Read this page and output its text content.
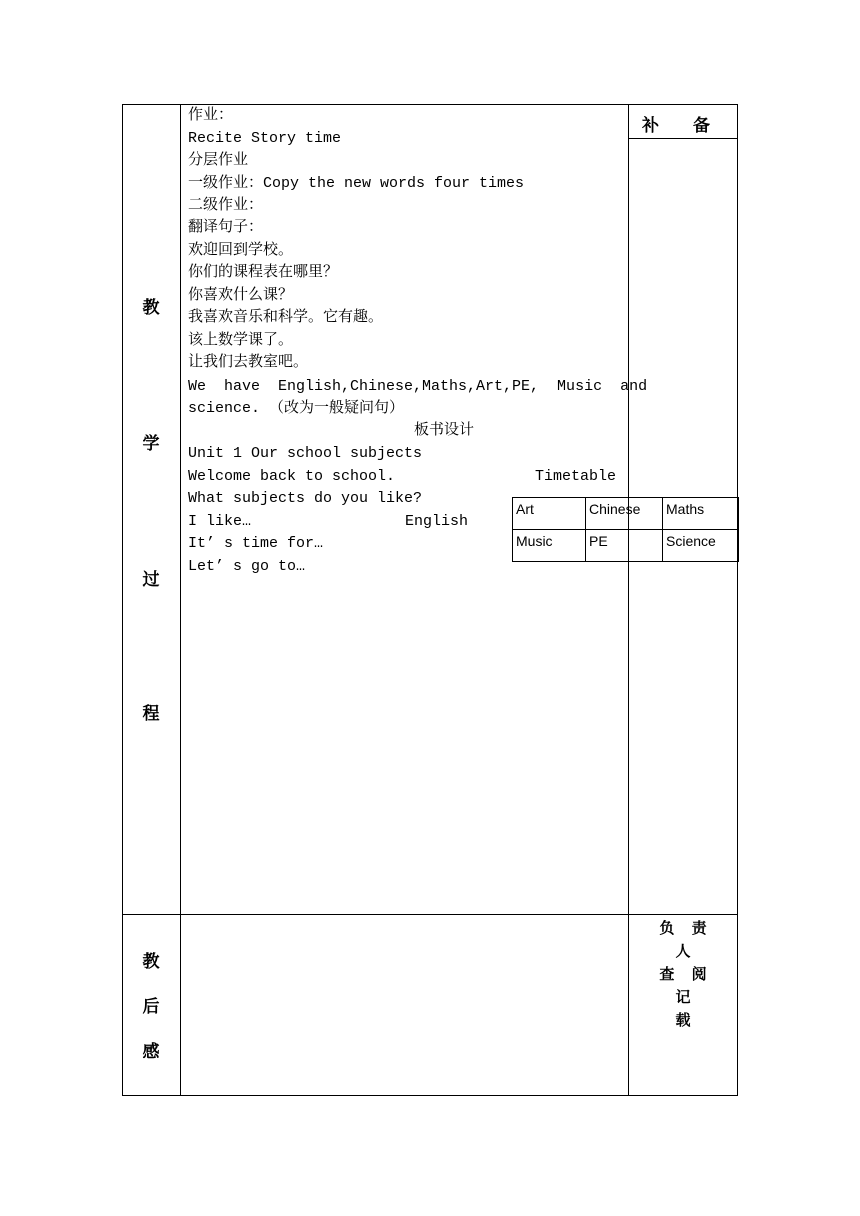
教
学
过
程
教
后
感
补 备
负 责 人
查 阅 记
载
作业：
Recite Story time
分层作业
一级作业：Copy the new words four times
二级作业：
翻译句子：
欢迎回到学校。
你们的课程表在哪里？
你喜欢什么课？
我喜欢音乐和科学。它有趣。
该上数学课了。
让我们去教室吧。
We  have  English,Chinese,Maths,Art,PE,  Music  and
science. （改为一般疑问句）
板书设计
Unit 1 Our school subjects
Welcome back to school.	Timetable
What subjects do you like?
I like…	English
It’ s time for…
Let’ s go to…
Art	Chinese	Maths
Music	PE	Science
